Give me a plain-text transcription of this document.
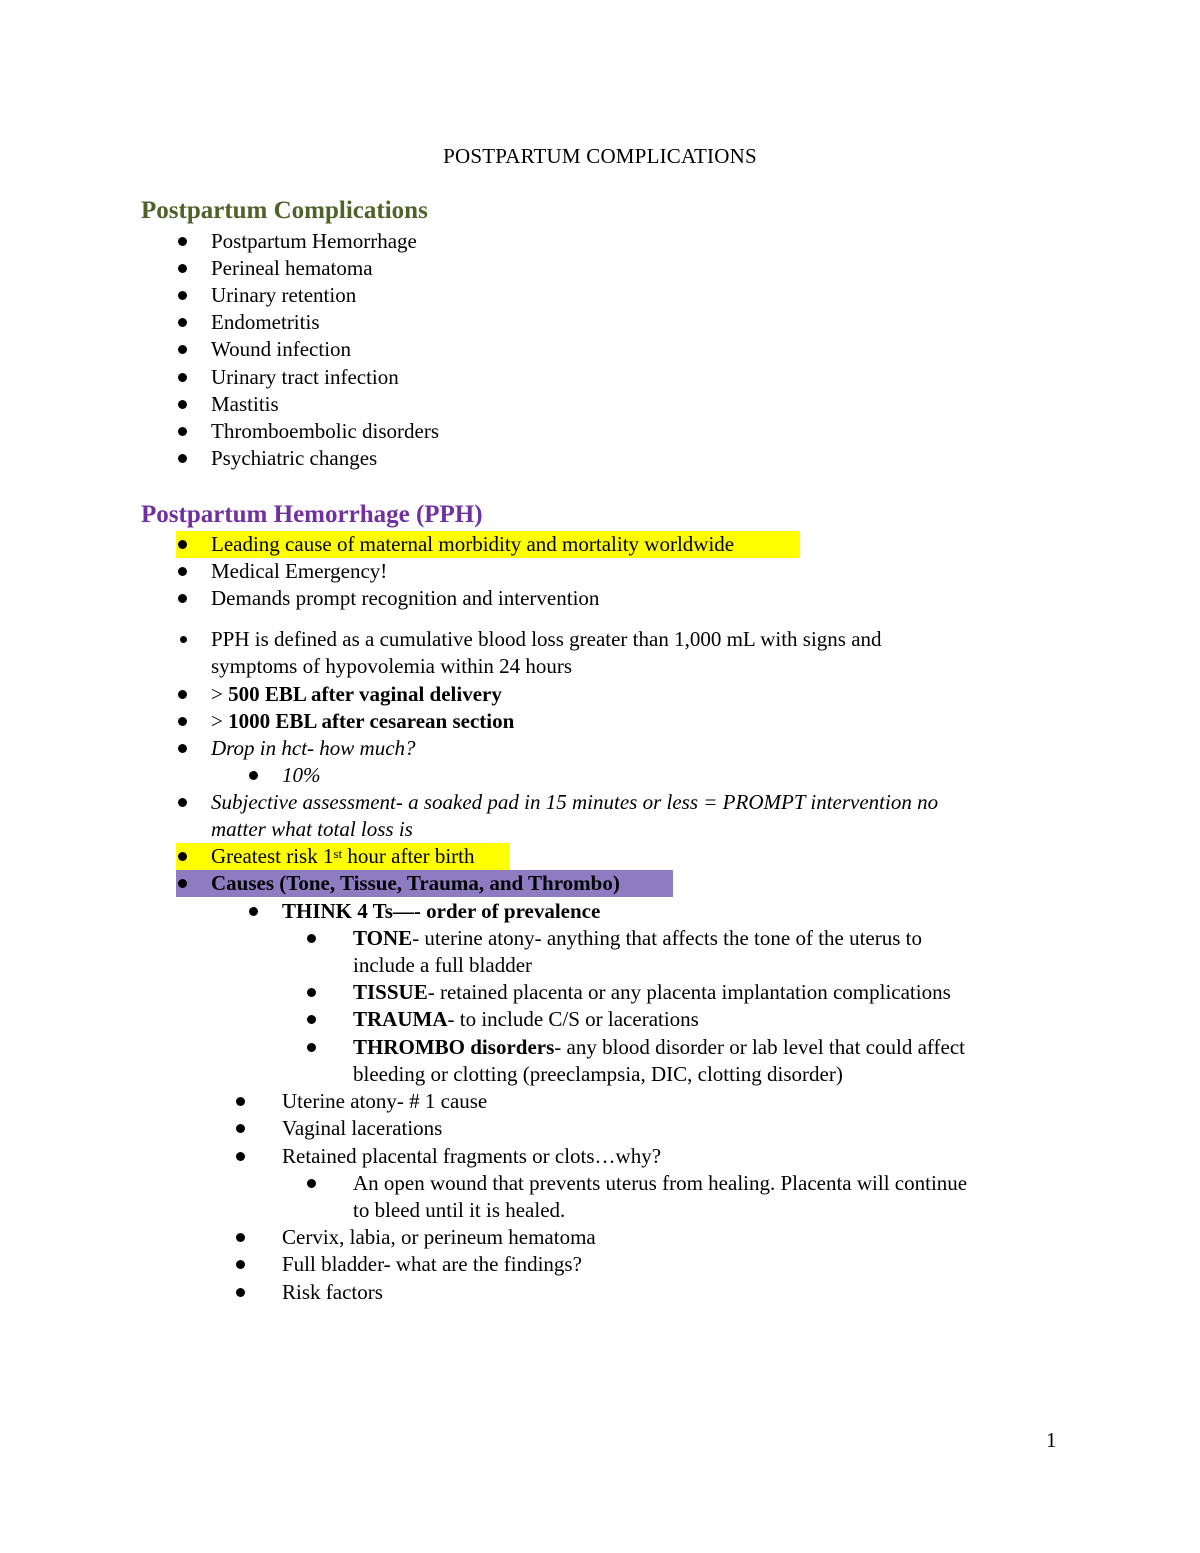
POSTPARTUM COMPLICATIONS
Postpartum Complications
Postpartum Hemorrhage
Perineal hematoma
Urinary retention
Endometritis
Wound infection
Urinary tract infection
Mastitis
Thromboembolic disorders
Psychiatric changes
Postpartum Hemorrhage (PPH)
Leading cause of maternal morbidity and mortality worldwide
Medical Emergency!
Demands prompt recognition and intervention
PPH is defined as a cumulative blood loss greater than 1,000 mL with signs and
symptoms of hypovolemia within 24 hours
> 500 EBL after vaginal delivery
> 1000 EBL after cesarean section
Drop in hct- how much?
10%
Subjective assessment- a soaked pad in 15 minutes or less = PROMPT intervention no
matter what total loss is
Greatest risk 1st hour after birth
Causes (Tone, Tissue, Trauma, and Thrombo)
THINK 4 Ts—- order of prevalence
TONE- uterine atony- anything that affects the tone of the uterus to
include a full bladder
TISSUE- retained placenta or any placenta implantation complications
TRAUMA- to include C/S or lacerations
THROMBO disorders- any blood disorder or lab level that could affect
bleeding or clotting (preeclampsia, DIC, clotting disorder)
Uterine atony- # 1 cause
Vaginal lacerations
Retained placental fragments or clots…why?
An open wound that prevents uterus from healing. Placenta will continue
to bleed until it is healed.
Cervix, labia, or perineum hematoma
Full bladder- what are the findings?
Risk factors
1
